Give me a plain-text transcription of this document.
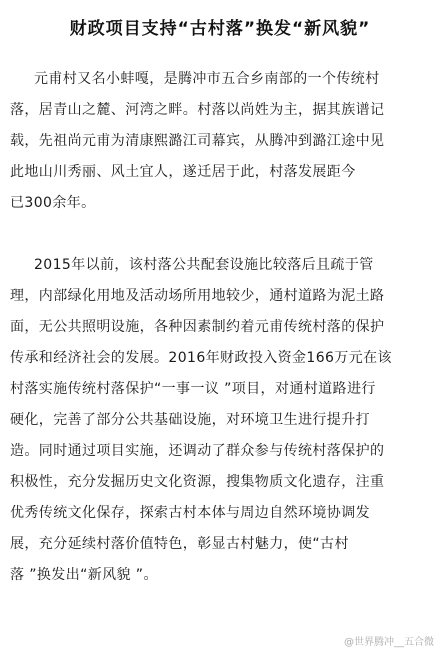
财政项目支持“古村落”换发“新风貌”
元甫村又名小蚌嘎，是腾冲市五合乡南部的一个传统村
落，居青山之麓、河湾之畔。村落以尚姓为主，据其族谱记
载，先祖尚元甫为清康熙潞江司幕宾，从腾冲到潞江途中见
此地山川秀丽、风土宜人，遂迁居于此，村落发展距今
已300余年。
2015年以前，该村落公共配套设施比较落后且疏于管
理，内部绿化用地及活动场所用地较少，通村道路为泥土路
面，无公共照明设施，各种因素制约着元甫传统村落的保护
传承和经济社会的发展。2016年财政投入资金166万元在该
村落实施传统村落保护“一事一议 ”项目，对通村道路进行
硬化，完善了部分公共基础设施，对环境卫生进行提升打
造。同时通过项目实施，还调动了群众参与传统村落保护的
积极性，充分发掘历史文化资源，搜集物质文化遗存，注重
优秀传统文化保存，探索古村本体与周边自然环境协调发
展，充分延续村落价值特色，彰显古村魅力，使“古村
落 ”换发出“新风貌 ”。
@世界腾冲__五合微
